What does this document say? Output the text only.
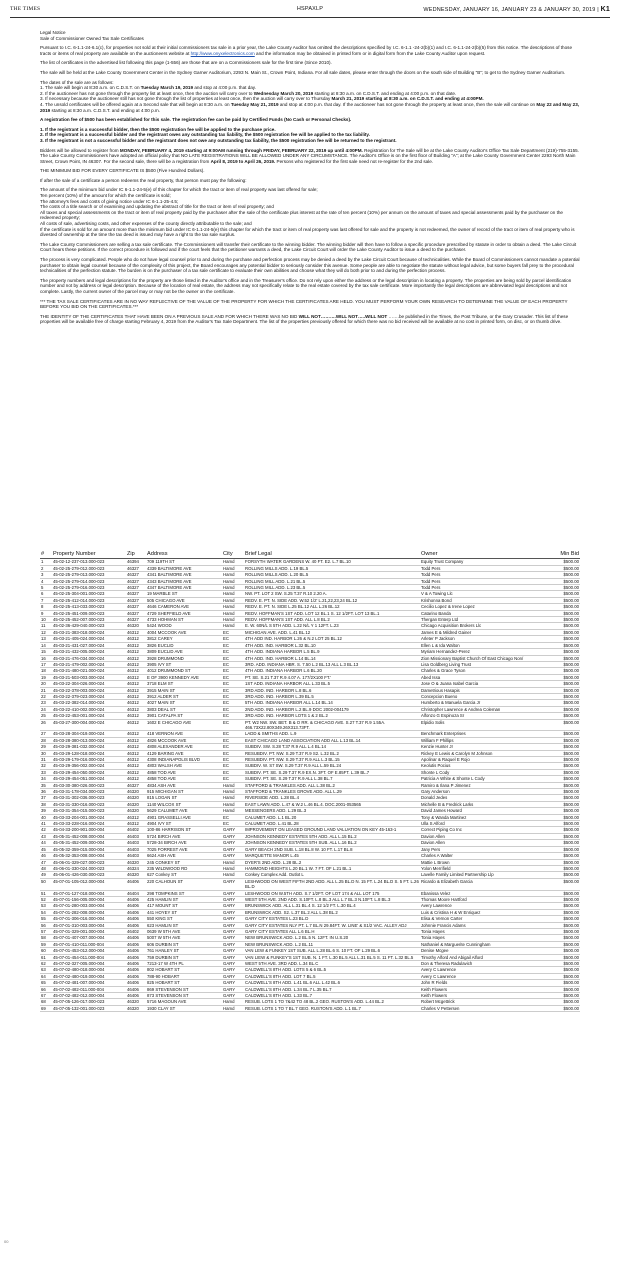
THE TIMES	HSPAXLP	WEDNESDAY, JANUARY 16, JANUARY 23 & JANUARY 30, 2019 | K1

Legal Notice

Sale of Commissioner Owned Tax Sale Certificates

Pursuant to I.C. 6-1.1-24-6.1(c), for properties not sold at their initial commissioners tax sale in a prior year, the Lake County Auditor has omitted the descriptions specified by I.C. 6-1.1 -24-2(b)(1) and I.C. 6-1.1-24-2(b)(5) from this notice. The descriptions of those tracts or items of real property are available on the auctioneers website at http://www.onyxelectronics.com and the information may be obtained in printed form or in digital form from the Lake County Auditor upon request.

The list of certificates in the advertised list following this page (1-556) are those that are on a Commissioners sale for the first time (Since 2010).

The sale will be held at the Lake County Government Center in the Sydney Garner Auditorium, 2293 N. Main St., Crown Point, Indiana. For all sale dates, please enter through the doors on the south side of Building "B"; to get to the Sydney Garner Auditorium.

The dates of the sale are as follows:
1. The sale will begin at 8:30 a.m. on C.D.S.T. on Tuesday March 19, 2019 and stop at 4:00 p.m. that day.
2. If the auctioneer has not gone through the property list at least once, then the auction will carry over to Wednesday March 20, 2019 starting at 8:30 a.m. on C.D.S.T. and ending at 4:00 p.m. on that date.
3. If necessary because the auctioneer still has not gone through the list of properties at least once, then the auction will carry over to Thursday March 21, 2019 starting at 8:30 a.m. on C.D.S.T. and ending at 4:00PM.
4. The unsold certificates will be offered again at a Second sale that will begin at 8:30 a.m. on Tuesday May 21, 2019 and stop at 4:00 p.m. that day. If the auctioneer has not gone through the property at least once, then the sale will continue on May 22 and May 23, 2019 starting at 8:30 a.m. C.D.S.T. and ending at 4:00 p.m.

A registration fee of $500 has been established for this sale. The registration fee can be paid by Certified Funds (No Cash or Personal Checks).

1. If the registrant is a successful bidder, then the $500 registration fee will be applied to the purchase price.
2. If the registrant is a successful bidder and the registrant owes any outstanding tax liability, the $500 registration fee will be applied to the tax liability.
3. If the registrant is not a successful bidder and the registrant does not owe any outstanding tax liability, the $500 registration fee will be returned to the registrant.

Bidders will be allowed to register from MONDAY, FEBRUARY 4, 2019 starting at 9:00AM running through FRIDAY, FEBRUARY 22, 2019 up until 4:00PM. Registration for The Sale will be at the Lake County Auditor's Office Tax Sale Department (219)-755-3155. The Lake County Commissioners have adopted an official policy that NO LATE REGISTRATIONS WILL BE ALLOWED UNDER ANY CIRCUMSTANCE. The Auditor's Office is on the first floor of Building "A"; at the Lake County Government Center 2293 North Main Street, Crown Point, IN 46307. For the second sale, there will be a registration from April 8, 2019 to April 26, 2019. Persons who registered for the first sale need not re-register for the 2nd sale.

THE MINIMUM BID FOR EVERY CERTIFICATE IS $500 (Five Hundred Dollars).

If after the sale of a certificate a person redeems the real property, that person must pay the following:

The amount of the minimum bid under IC 6-1.1-24-5(e) of this chapter for which the tract or item of real property was last offered for sale;
Ten percent (10%) of the amount for which the certificate is sold;
The attorney's fees and costs of giving notice under IC 6-1.1-25-4.5;
The costs of a title search or of examining and updating the abstract of title for the tract or item of real property; and
All taxes and special assessments on the tract or item of real property paid by the purchaser after the sale of the certificate plus interest at the rate of ten percent (10%) per annum on the amount of taxes and special assessments paid by the purchaser on the redeemed property;
All costs of sale, advertising costs, and other expenses of the county directly attributable to the sale; and
If the certificate is sold for an amount more than the minimum bid under IC 6-1.1-24-5(e) this chapter for which the tract or item of real property was last offered for sale and the property is not redeemed, the owner of record of the tract or item of real property who is divested of ownership at the time the tax deed is issued may have a right to the tax sale surplus.

The Lake County Commissioners are selling a tax sale certificate. The Commissioners will transfer their certificate to the winning bidder. The winning bidder will then have to follow a specific procedure prescribed by statute in order to obtain a deed. The Lake Circuit Court hears these petitions. If the correct procedure is followed and if the court feels that the petitioner warrants a deed, the Lake Circuit Court will order the Lake County Auditor to issue a deed to the purchaser.

The process is very complicated. People who do not have legal counsel prior to and during the purchase and perfection process may be denied a deed by the Lake Circuit Court because of technicalities. While the Board of Commissioners cannot mandate a potential purchaser to obtain legal counsel because of the complexity of this project, the Board encourages any potential bidder to seriously consider this avenue. Some people are able to negotiate the statute without legal advice, but some buyers fall prey to the procedural technicalities of the perfection statute. The burden is on the purchaser of a tax sale certificate to evaluate their own abilities and choose what they will do both prior to and during the perfection process.

The property numbers and legal descriptions for the property are those listed in the Auditor's office and in the Treasurer's office. Do not rely upon either the address or the legal description in locating a property. The properties are being sold by parcel identification number and not by address or legal description. Because of the location of real estate, the address may not specifically relate to the real estate covered by the tax sale certificate. More importantly the legal descriptions are abbreviated legal descriptions and not complete. Lastly, the current owner of the parcel may or may not be the owner on the certificate.

*** THE TAX SALE CERTIFICATES ARE IN NO WAY REFLECTIVE OF THE VALUE OF THE PROPERTY FOR WHICH THE CERTIFICATES ARE HELD. YOU MUST PERFORM YOUR OWN RESEARCH TO DETERMINE THE VALUE OF EACH PROPERTY BEFORE YOU BID ON THE CERTIFICATES.***

THE IDENTITY OF THE CERTIFICATES THAT HAVE BEEN ON A PREVIOUS SALE AND FOR WHICH THERE WAS NO BID WILL NOT……….WILL NOT…..WILL NOT …….be published in the Times, the Post Tribune, or the Gary Crusader. This list of these properties will be available free of charge starting February 4, 2019 from the Auditor's Tax Sale Department. The list of the properties previously offered for which there was no bid received will be available at no cost in printed form, on disc, or on thumb drive.

#	Property Number	Zip	Address	City	Brief Legal	Owner	Min Bid
1	45-02-12-237-013.000-023	46394	709 119TH ST	Hamd	FORSYTH WATER GARDENS W. 40 FT. E2. L.7 BL.10	Equity Trust Company	$500.00
2	45-02-25-279-012.000-023	46327	4339 BALTIMORE AVE	Hamd	ROLLING MILLS ADD. L.19 BL.5	Todd Pers	$500.00
3	45-02-25-279-013.000-023	46327	4341 BALTIMORE AVE	Hamd	ROLLING MILLS ADD. L.20 BL.5	Todd Pers	$500.00
4	45-02-25-279-014.000-023	46327	4343 BALTIMORE AVE	Hamd	ROLLING MILL ADD. L.21 BL.5	Todd Pers	$500.00
5	45-02-25-279-016.000-023	46327	4347 BALTIMORE AVE	Hamd	ROLLING MILL ADD. L.23 BL.5	Todd Pers	$500.00
6	45-02-25-304-001.000-023	46327	19 MARBLE ST	Hamd	NW. PT. LOT 2 SW. S.25 T.37 R.10 2.20 A.	V & A Towing Llc	$500.00
7	45-02-25-412-014.000-023	46327	505 CHICAGO AVE	Hamd	REDV. E. PT. N. SIDE ADD. W.52 1/2' L.21,22,23,24 BL.12	Krishonna Bond	$500.00
8	45-02-25-413-033.000-023	46327	4646 CAMERON AVE	Hamd	REDV. E. PT. N. SIDE L.25 BL.12 ALL L.26 BL.12	Cecilio Lopez & Irene Lopez	$500.00
9	45-02-25-451-009.000-023	46327	4729 SHEFFIELD AVE	Hamd	REDV. HOFFMAN'S 1ST ADD. LOT 12 BL.1 S. 12 1/2FT. LOT 13 BL.1	Catarino Banda	$500.00
10	45-02-25-452-007.000-023	46327	4733 HOHMAN ST	Hamd	REDV. HOFFMAN'S 1ST ADD. ALL L.8 BL.2	Thergan Enterp Ltd	$500.00
11	45-02-36-429-040.000-023	46320	5424 WOOD	Hamd	E. W. 60N/L S 5TH ADD. L.22 N/L Y 1 12FT. L.23	Chicago Acquisition Brokers Llc	$500.00
12	45-03-21-383-018.000-024	46312	4004 MCCOOK AVE	EC	MICHIGAN AVE. ADD. L.41 BL.12	James E & Mildred Gainer	$500.00
13	45-03-21-405-024.000-024	46312	3812 CAREY	EC	4TH ADD IND. HARBOR L.26 & N.2 LOT 25 BL.12	Arleter P Jackson	$500.00
14	45-03-21-431-027.000-024	46312	3826 EUCLID	EC	4TH ADD. IND. HARBOR L.32 BL.10	Ellen L & Ida Walton	$500.00
15	45-03-21-432-005.000-024	46312	3809 EUCLID AVE	EC	4TH ADD. INDIANA HARBOR L.5 BL.9	Myriam Hernandez-Perez	$500.00
16	45-03-21-476-034.000-024	46312	3928 DRUMMOND	EC	4TH ADD. IND. HARBOR L.14 BL.14	Zion Missionary Baptist Church Of East Chicago Non/	$500.00
17	45-03-21-479-002.000-024	46312	3905 IVY ST	EC	3RD. ADD. INDIANA HBR. S. 7.50 L.2 BL.13 ALL L.3 BL.13	Lisa Goldberg Living Trust	$500.00
18	45-03-21-480-021.000-024	46312	4012 DRUMMOND ST	EC	4TH ADD. INDIANA HARBOR L.6 BL.20	Charles & Grace Tyson	$500.00
19	45-03-21-503-003.000-024	46312	E OF 3900 KENNEDY AVE	EC	PT. SE. S.21 T.37 R.9 4.07 A. 177/2X100 FT.'	Abed Issa	$500.00
20	45-03-22-304-026.000-024	46312	3718 ELM ST	EC	1ST ADD. INDIANA HARBOR ALL L.33 BL.5	Jose O & Juana Isabel Garcia	$500.00
21	45-03-22-378-003.000-024	46312	3915 MAIN ST	EC	3RD ADD. IND. HARBOR L.8 BL.6	Dametrious Hasapis	$500.00
22	45-03-22-379-023.000-024	46312	3912 ALDER ST	EC	3RD ADD. IND. HARBOR L.39 BL.5	Concepcion Bueno	$500.00
23	45-03-22-382-014.000-024	46312	4027 MAIN ST	EC	5TH ADD. INDIANA HARBOR ALL L.14 BL.14	Humberto & Manuela Garcia Jr	$500.00
24	45-03-22-410-002.000-024	46312	3803 DEAL ST	EC	2ND ADD. IND. HARBOR L.2 BL.9 DOC 2002-004179	Christopher Lawrence & Andrea Coleman	$500.00
25	45-03-22-453-001.000-024	46312	3901 CATALPA ST	EC	3RD ADD. IND. HARBOR LOTS 1 & 2 BL.2	Alfonzo G Espinoza Sr	$500.00
26	45-03-27-300-004.000-024	46312	1602 E CHICAGO AVE	EC	PT. W2 NW. SW. BET. B & O RR. & CHICAGO AVE. S.27 T.37 R.9 1.55A. 466.73X22.80X349.26X313.73FT.	Elpidio Solis	$500.00
27	45-03-28-304-019.000-024	46312	418 VERNON AVE	EC	LADD & SMITHS ADD. L.9	Benchmark Enterprises	$500.00
28	45-03-28-380-013.000-024	46312	4826 MCCOOK AVE	EC	EAST CHICAGO LAND ASSOCIATION ADD ALL L.13 BL.14	William F Phillips	$500.00
29	45-03-29-381-032.000-024	46312	4808 ALEXANDER AVE	EC	SUBDIV. SW. S.28 T.37 R.9 ALL L.4 BL.14	Kenzie Hunter Jr	$500.00
30	45-03-29-128-018.000-024	46312	4129 BARING AVE	EC	RESUBDIV. PT. NW. S.29 T.37 R.9 S2. L.32 BL.2	Rickey E Lewis & Carolyn M Johnson	$500.00
31	45-03-29-179-016.000-024	46312	4308 INDIANAPOLIS BLVD	EC	RESUBDIV. PT. NW. S.29 T.37 R.9 ALL L.3 BL.15	Apolinar & Raquel E Rojo	$500.00
32	45-03-29-356-002.000-024	46312	4803 WALSH AVE	EC	SUBDIV. W. S7 SW. S.29 T.37 R.9 ALL L.59 BL.24	Keolutis Pocius	$500.00
33	45-03-29-454-050.000-024	46312	4858 TOD AVE	EC	SUBDIV. PT. SE. S.29 T.37 R.9 EX.N. 3FT. OF E.85FT. L.39 BL.7	Shonte L Cody	$500.00
34	45-03-29-454-051.000-024	46312	4858 TOD AVE	EC	SUBDIV. PT. SE. S.29 T.37 R.9 ALL L.38 BL.7	Patricia A White & Shonte L Cody	$500.00
35	45-03-30-380-026.000-023	46327	4834 ASH AVE	Hamd	STAFFORD & TRANKLES ADD. ALL L.38 BL.2	Ramiro & Ilana P Jimenez	$500.00
36	45-03-31-178-034.000-023	46320	915 MICHIGAN ST	Hamd	STAFFORD & TRANKLES GROVE ADD. ALL L.29	Gary Anderson	$500.00
37	45-03-31-302-036.000-023	46320	815 LOGAN ST	Hamd	RIVERSIDE ADD. L.28 BL.4	Donald Jedes	$500.00
38	45-03-31-330-016.000-023	46320	1140 WILCOX ST	Hamd	EAST LAWN ADD. L.47 & W.2 L.46 BL.4. DOC.2001-053565	Michelle B & Fredrick Larks	$500.00
39	45-03-31-354-015.000-023	46320	5629 CALUMET AVE	Hamd	MESSENGERS ADD. L.29 BL.3	David James Howard	$500.00
40	45-03-33-204-001.000-024	46312	4901 GRASSELLI AVE	EC	CALUMET ADD. L.1 BL.20	Tony & Wanda Martinez	$500.00
41	45-03-33-228-016.000-024	46312	4904 IVY ST	EC	CALUMET ADD. L.41 BL.28	Ulla S Alford	$500.00
42	45-04-33-200-901.000-004	46402	100-86 HARRISON ST	GARY	IMPROVEMENT ON LEASED GROUND LAND VALUATION ON KEY 45-163-1	Correct Piping Co Inc	$500.00
43	45-05-31-452-008.000-004	46403	5724 BIRCH AVE	GARY	JOHNSON KENNEDY ESTATES 5TH ADD. ALL L.15 BL.2	Davion Allen	$500.00
44	45-05-31-452-009.000-004	46403	5728-34 BIRCH AVE	GARY	JOHNSON KENNEDY ESTATES 5TH SUB. ALL L.16 BL.2	Davion Allen	$500.00
45	45-05-32-359-015.000-004	46403	7025 FORREST AVE	GARY	GARY BEACH 2ND SUB. L.18 BL.8 W. 10 FT. L.17 BL.8	Jany Pers	$500.00
46	45-05-32-353-008.000-004	46403	6624 ASH AVE	GARY	MARQUETTE MANOR L.45	Charles A Walter	$500.00
47	45-06-01-329-027.000-023	46320	245 CONKEY ST	Hamd	DYER'S 2ND ADD. L.28 BL.2	Mattie L Brown	$500.00
48	45-06-01-330-024.000-023	46324	235 WILDWOOD RD	Hamd	HAMMOND HEIGHTS L.20 BL.1 W. 7 FT. OF L.21 BL.1	Yolon Merrifield	$500.00
49	45-06-01-426-030.000-023	46320	627 Conkey ST	Hamd	Conkey Complex Add. Outlot L	Lavelle Family Limited Partnership Llp	$500.00
50	45-07-01-105-012.000-004	46406	220 CALHOUN ST	GARY	LESHWOOD ON WEST FIFTH 2ND ADD. ALL L.25 BL.D N. 15 FT. L.24 BL.D S. 5 FT. L.26 BL.D	Ricardo & Elizabeth Garcia	$500.00
51	45-07-01-127-018.000-004	46404	298 TOMPKINS ST	GARY	LESHWOOD ON W.5TH ADD. S.7 1/2FT. OF LOT 174 & ALL LOT 175	Ebanissa Velez	$500.00
52	45-07-01-156-005.000-004	46406	425 HAMLIN ST	GARY	WEST 5TH AVE. 2ND ADD. S.10FT. L.8 BL.3 ALL L.7 BL.3 N.10FT. L.8 BL.3	Thomas Moore Hartford	$500.00
53	45-07-01-280-003.000-004	46406	417 MOUNT ST	GARY	BRUNSWICK ADD. ALL L.31 BL.4 S. 12 1/2 FT. L.30 BL.4	Avery Lawrence	$500.00
54	45-07-01-282-008.000-004	46406	441 HOYEY ST	GARY	BRUNSWICK ADD. S2. L.37 BL.2 ALL L.38 BL.2	Luis & Cristina H & W Enriquez	$500.00
55	45-07-01-306-016.000-004	46406	550 KING ST	GARY	GARY CITY ESTATES L.23 BL.D	Elisa & Vernon Carter	$500.00
56	45-07-01-310-003.000-004	46406	623 HAMLIN ST	GARY	GARY CITY ESTATES NLY PT. L.7 BL.N 29.84FT. W. LINE' & S1/2 VAC. ALLEY ADJ	Johnnie Francis Adams	$500.00
57	45-07-01-329-001.000-004	46402	0639 W 5TH AVE	GARY	GARY CITY ESTATES ALL L.6 BL.H	Tonia Hayes	$500.00
58	45-07-01-407-007.000-004	46406	5007 W 5TH AVE	GARY	NEW BRUNSWICK ADD. L.2 BL.5 N. 12FT. IN U.S.20	Tonia Hayes	$500.00
59	45-07-01-410-011.000-004	46406	606 DURBIN ST	GARY	NEW BRUNSWICK ADD. L.2 BL.11	Nathaniel & Marguerite Cunningham	$500.00
60	45-07-01-453-012.000-004	46406	761 HANLEY ST	GARY	VAN LEW & FUNKEY 1ST SUB. ALL L.28 BL.6 S. 10 FT. OF L.29 BL.6	Denise Mcgee	$500.00
61	45-07-01-454-011.000-004	46406	759 DURBIN ST	GARY	VAN LIEW & FUNKEY'S 1ST SUB. N. 1 FT. L.30 BL.5 ALL L.31 BL.5 S. 11 FT. L.32 BL.5	Timothy Alford And Abigail Alford	$500.00
62	45-07-02-327-005.000-004	46406	7213-17 W 4TH PL	GARY	WEST 5TH AVE. 3RD ADD. L.34 BL.C	Don & Theresa Radulavich	$500.00
63	45-07-02-480-018.000-004	46406	802 HOBART ST	GARY	CALDWELL'S 8TH ADD. LOTS 5 & 6 BL.5	Avery C Lawrence	$500.00
64	45-07-02-480-019.000-004	46406	788-90 HOBART	GARY	CALDWELL'S 8TH ADD. LOT 7 BL.5	Avery C Lawrence	$500.00
65	45-07-02-481-007.000-004	46406	825 HOBART ST	GARY	CALDWELL'S 8TH ADD. L.41 BL.6 ALL L.42 BL.6	John R Fields	$500.00
66	45-07-02-482-011.000-004	46406	869 STEVENSON ST	GARY	CALDWELL'S 8TH ADD. L.34 BL.7 L.35 BL.7	Keith Flowers	$500.00
67	45-07-02-482-012.000-004	46406	873 STEVENSON ST	GARY	CALDWELL'S 8TH ADD. L.33 BL.7	Keith Flowers	$500.00
68	45-07-05-126-017.000-023	46320	5716 MAGOUN AVE	Hamd	RESUB. LOTS 1 TO 7&42 TO 48 BL.2 GEO. RUSTON'S ADD. L.44 BL.2	Robert Mcgettrick	$500.00
69	45-07-05-132-001.000-023	46320	1930 CLAY ST	Hamd	RESUB. LOTS 1 TO 7 BL.7 GEO. RUSTON'S ADD. L.1 BL.7	Charles V Pettersen	$500.00
00
